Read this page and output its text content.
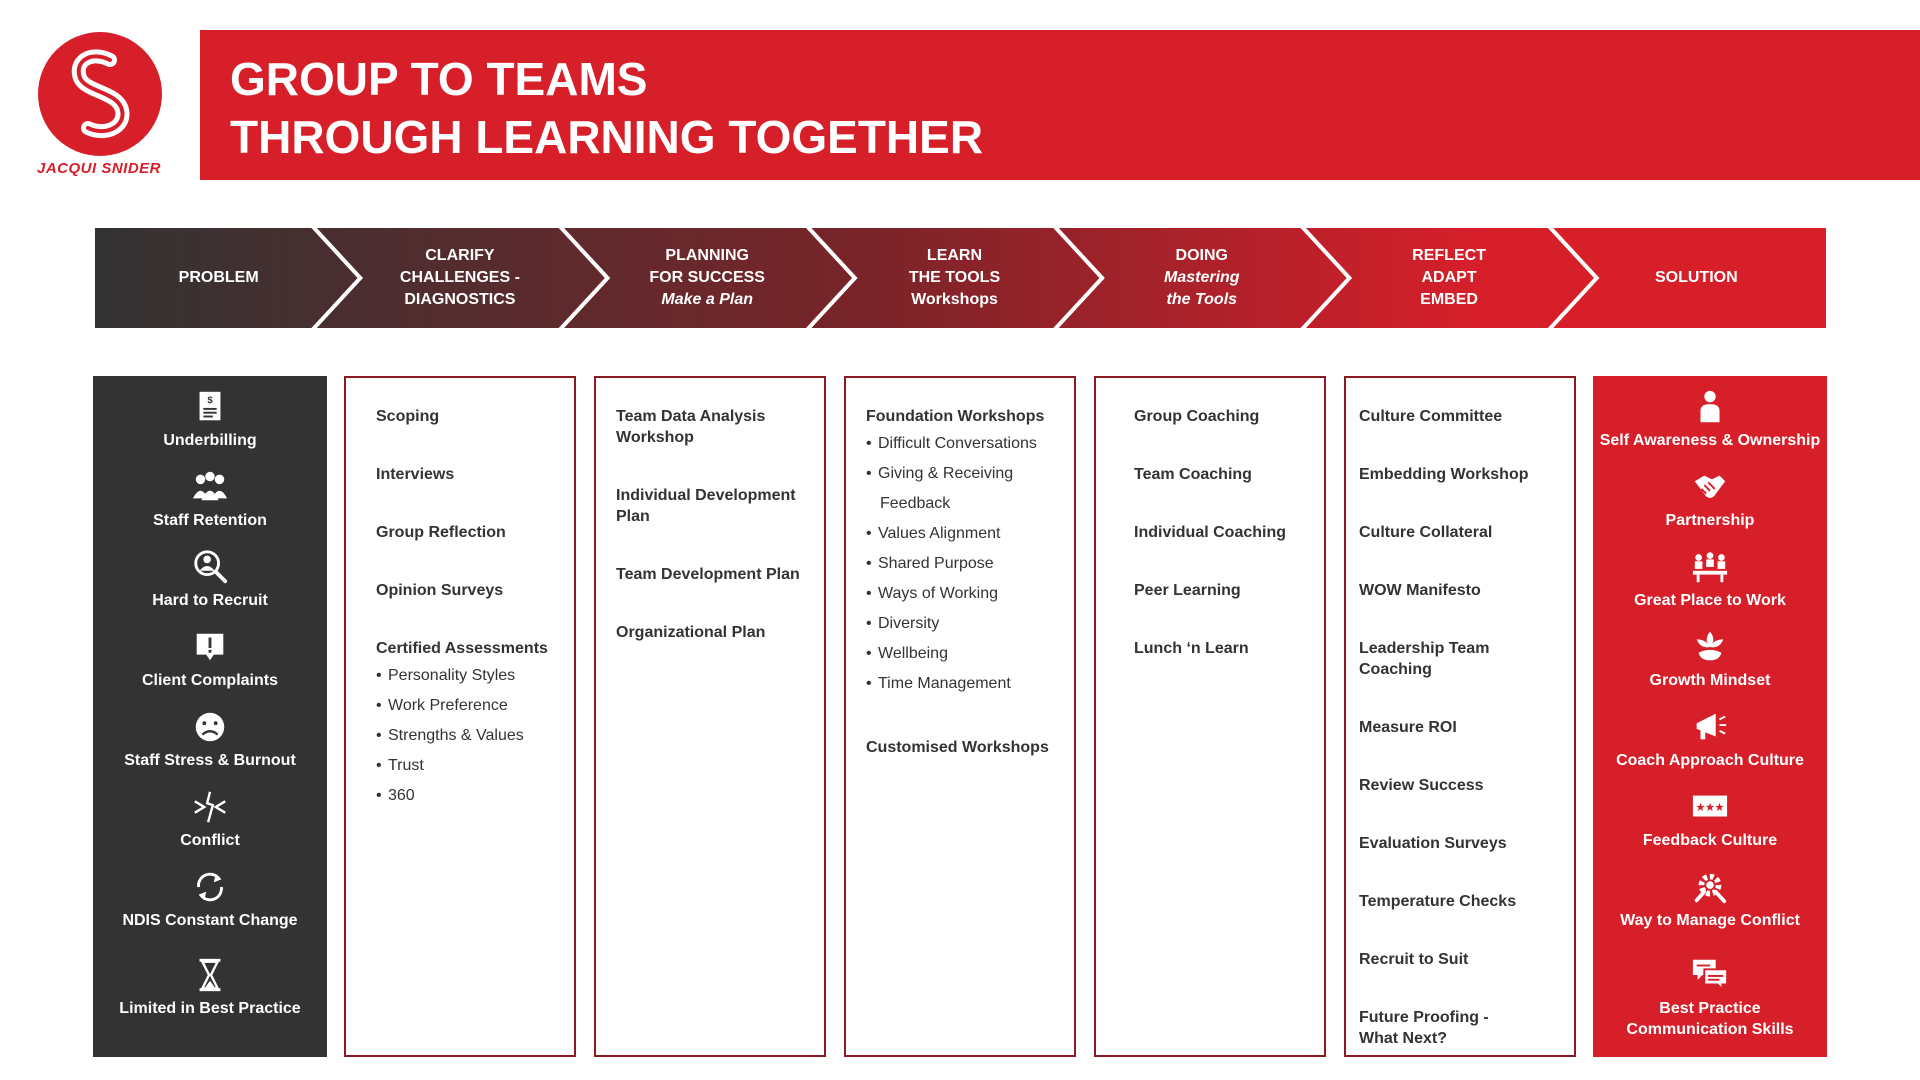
JACQUI SNIDER
GROUP TO TEAMS
THROUGH LEARNING TOGETHER
PROBLEM
CLARIFY
CHALLENGES -
DIAGNOSTICS
PLANNING
FOR SUCCESS
Make a Plan
LEARN
THE TOOLS
Workshops
DOING
Mastering
the Tools
REFLECT
ADAPT
EMBED
SOLUTION
$
Underbilling
Staff Retention
Hard to Recruit
Client Complaints
Staff Stress & Burnout
Conflict
NDIS Constant Change
Limited in Best Practice
Scoping
Interviews
Group Reflection
Opinion Surveys
Certified Assessments
• Personality Styles
• Work Preference
• Strengths & Values
• Trust
• 360
Team Data Analysis
Workshop
Individual Development
Plan
Team Development Plan
Organizational Plan
Foundation Workshops
• Difficult Conversations
• Giving & Receiving
Feedback
• Values Alignment
• Shared Purpose
• Ways of Working
• Diversity
• Wellbeing
• Time Management
Customised Workshops
Group Coaching
Team Coaching
Individual Coaching
Peer Learning
Lunch ‘n Learn
Culture Committee
Embedding Workshop
Culture Collateral
WOW Manifesto
Leadership Team Coaching
Measure ROI
Review Success
Evaluation Surveys
Temperature Checks
Recruit to Suit
Future Proofing -
What Next?
Self Awareness & Ownership
Partnership
Great Place to Work
Growth Mindset
Coach Approach Culture
★ ★ ★
Feedback Culture
Way to Manage Conflict
Best Practice
Communication Skills
